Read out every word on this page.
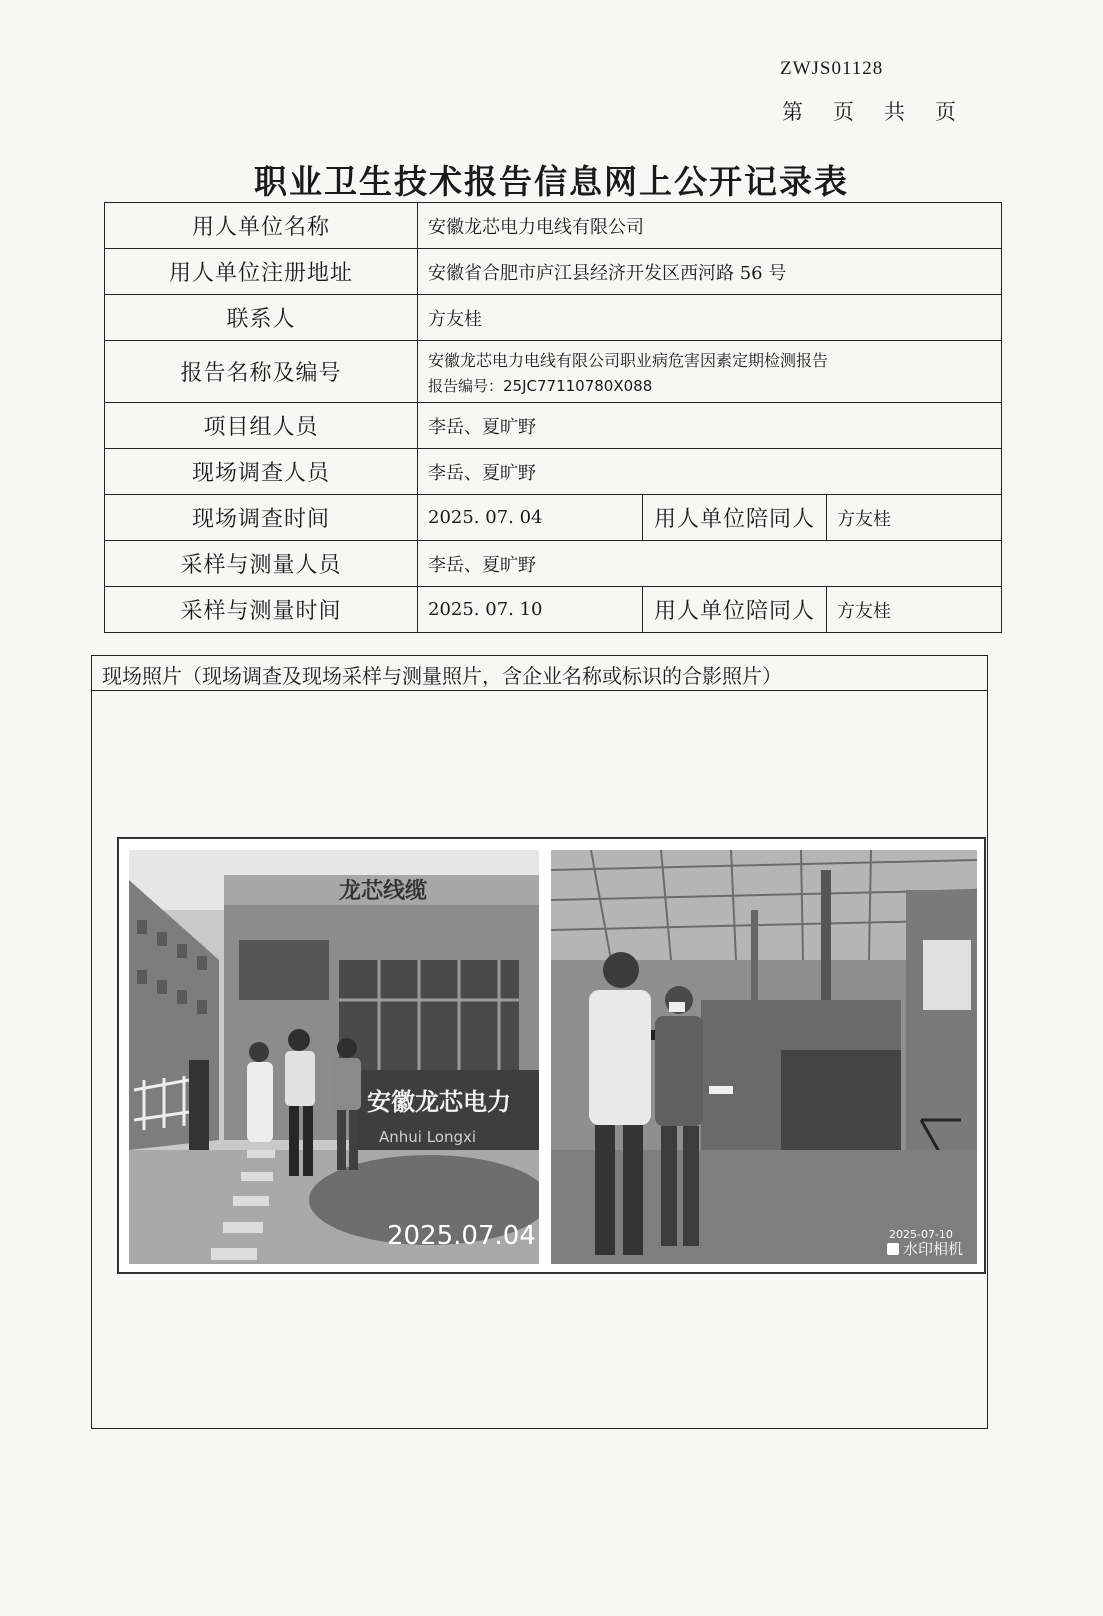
ZWJS01128
第 页 共 页
职业卫生技术报告信息网上公开记录表
用人单位名称	安徽龙芯电力电线有限公司		
用人单位注册地址	安徽省合肥市庐江县经济开发区西河路 56 号		
联系人	方友桂		
报告名称及编号	安徽龙芯电力电线有限公司职业病危害因素定期检测报告
报告编号：25JC77110780X088		

项目组人员	李岳、夏旷野		
现场调查人员	李岳、夏旷野		
现场调查时间	2025. 07. 04	用人单位陪同人	方友桂
采样与测量人员	李岳、夏旷野		
采样与测量时间	2025. 07. 10	用人单位陪同人	方友桂
现场照片（现场调查及现场采样与测量照片，含企业名称或标识的合影照片）
龙芯线缆
安徽龙芯电力
Anhui Longxi
2025.07.04	2025-07-10
水印相机
